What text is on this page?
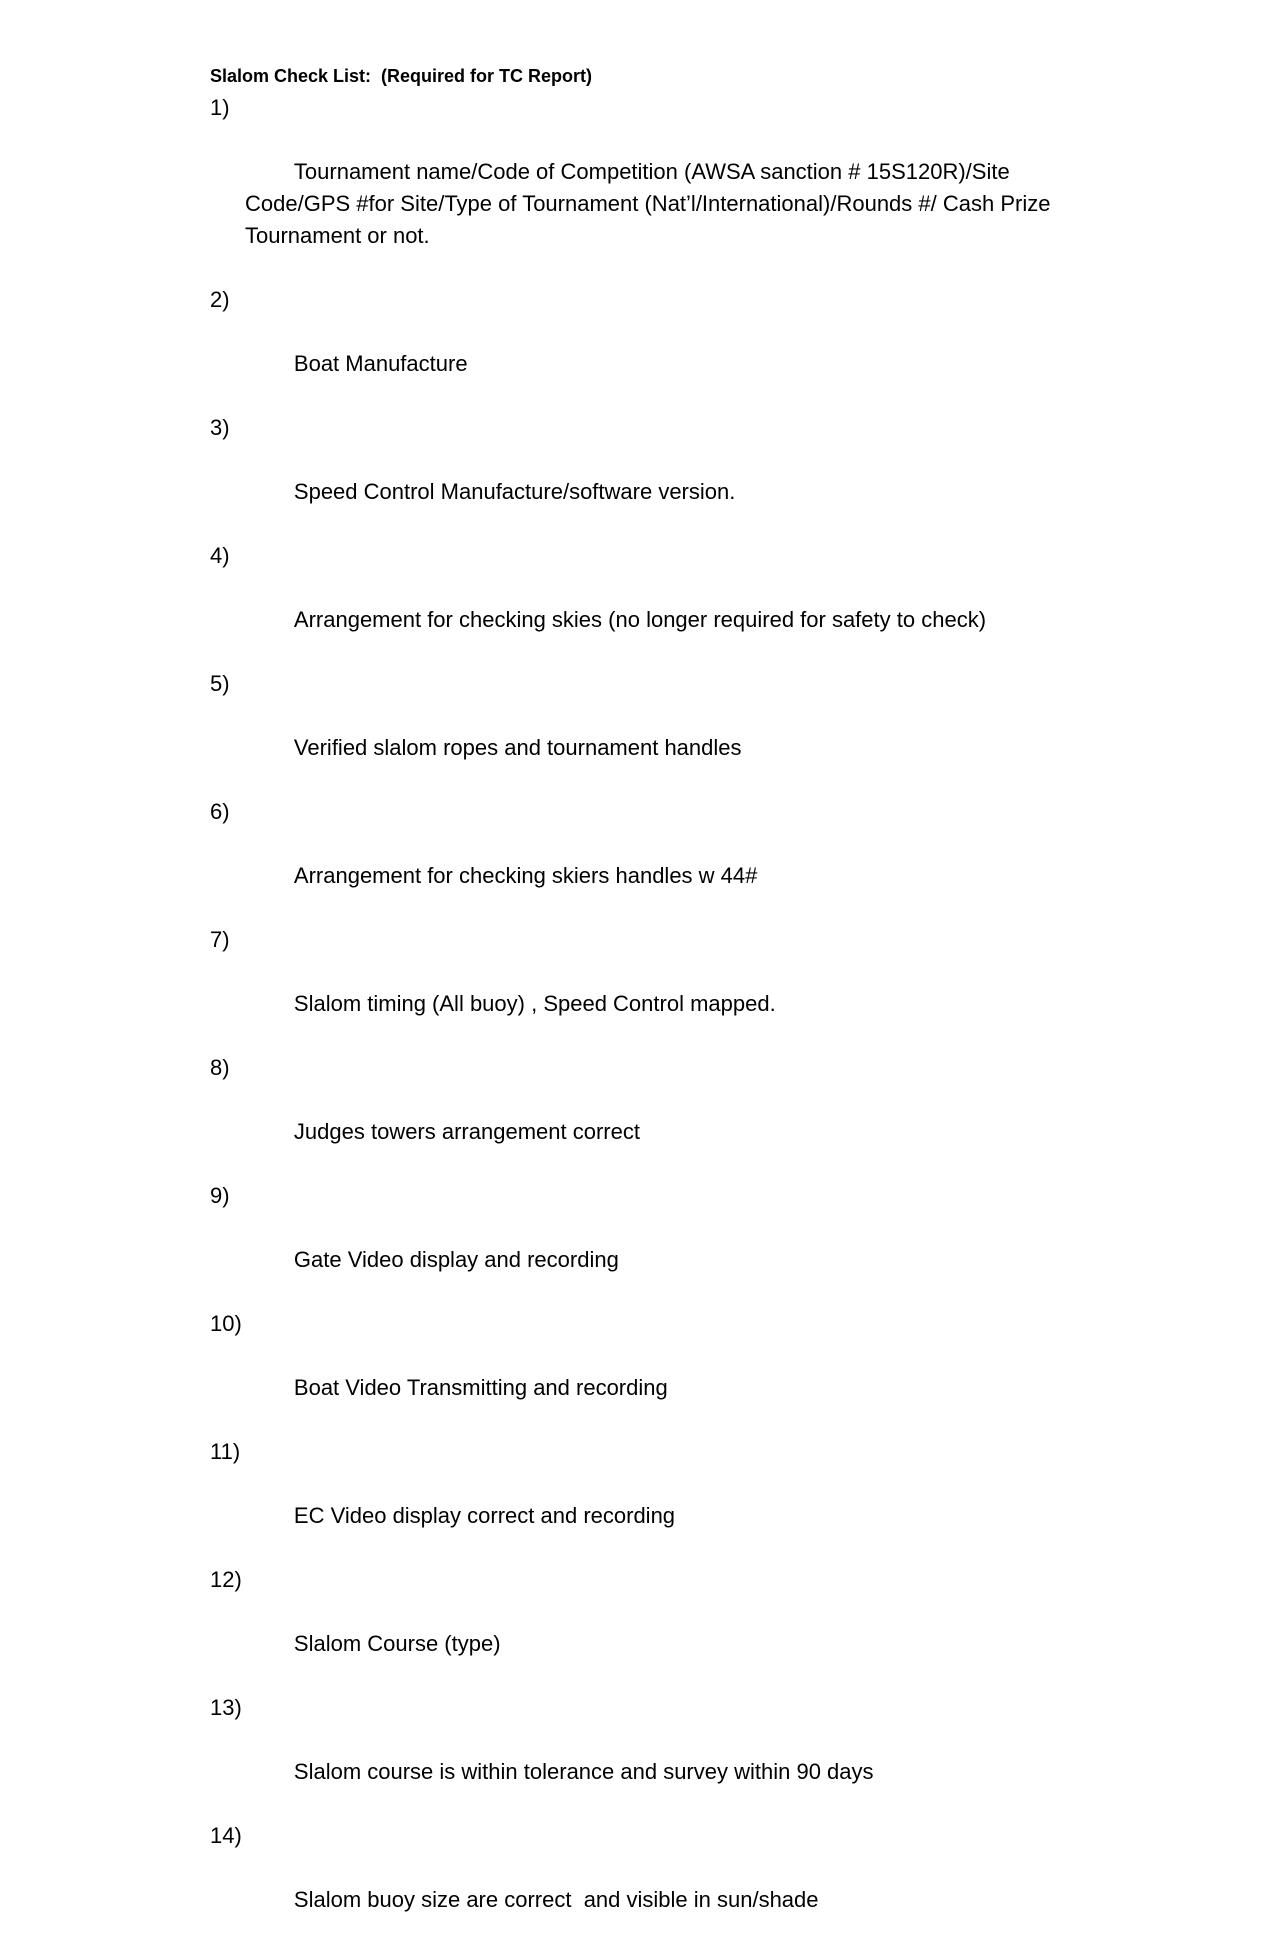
Slalom Check List:  (Required for TC Report)

1)

Tournament name/Code of Competition (AWSA sanction # 15S120R)/Site Code/GPS #for Site/Type of Tournament (Nat’l/International)/Rounds #/ Cash Prize Tournament or not.

2)

Boat Manufacture

3)

Speed Control Manufacture/software version.

4)

Arrangement for checking skies (no longer required for safety to check)

5)

Verified slalom ropes and tournament handles

6)

Arrangement for checking skiers handles w 44#

7)

Slalom timing (All buoy) , Speed Control mapped.

8)

Judges towers arrangement correct

9)

Gate Video display and recording

10)

Boat Video Transmitting and recording

11)

EC Video display correct and recording

12)

Slalom Course (type)

13)

Slalom course is within tolerance and survey within 90 days

14)

Slalom buoy size are correct  and visible in sun/shade
